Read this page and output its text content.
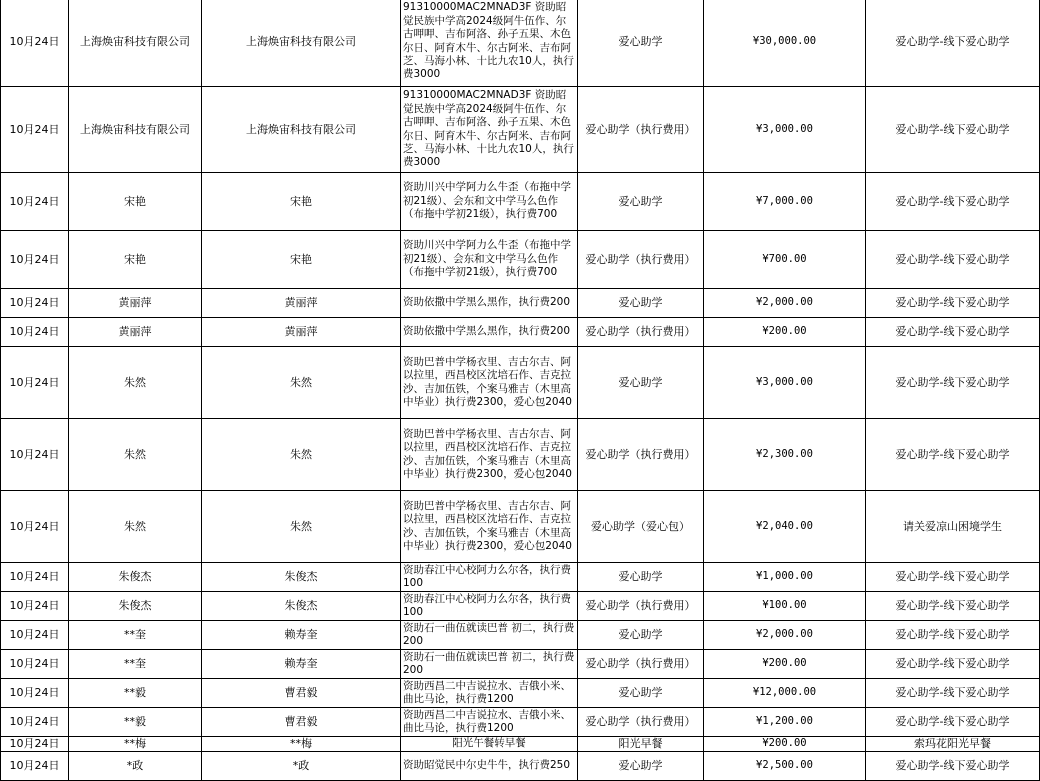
10月24日	上海焕宙科技有限公司	上海焕宙科技有限公司	91310000MAC2MNAD3F 资助昭觉民族中学高2024级阿牛伍作、尔古呷呷、吉布阿洛、孙子五果、木色尔日、阿育木牛、尔古阿米、吉布阿芝、马海小林、十比九农10人，执行费3000	爱心助学	¥30,000.00	爱心助学-线下爱心助学
10月24日	上海焕宙科技有限公司	上海焕宙科技有限公司	91310000MAC2MNAD3F 资助昭觉民族中学高2024级阿牛伍作、尔古呷呷、吉布阿洛、孙子五果、木色尔日、阿育木牛、尔古阿米、吉布阿芝、马海小林、十比九农10人，执行费3000	爱心助学（执行费用）	¥3,000.00	爱心助学-线下爱心助学
10月24日	宋艳	宋艳	资助川兴中学阿力么牛歪（布拖中学初21级）、会东和文中学马么色作（布拖中学初21级），执行费700	爱心助学	¥7,000.00	爱心助学-线下爱心助学
10月24日	宋艳	宋艳	资助川兴中学阿力么牛歪（布拖中学初21级）、会东和文中学马么色作（布拖中学初21级），执行费700	爱心助学（执行费用）	¥700.00	爱心助学-线下爱心助学
10月24日	黄丽萍	黄丽萍	资助依撒中学黑么黑作，执行费200	爱心助学	¥2,000.00	爱心助学-线下爱心助学
10月24日	黄丽萍	黄丽萍	资助依撒中学黑么黑作，执行费200	爱心助学（执行费用）	¥200.00	爱心助学-线下爱心助学
10月24日	朱然	朱然	资助巴普中学杨衣里、吉古尔吉、阿以拉里，西昌校区沈培石作、吉克拉沙、吉加伍铁，个案马雅吉（木里高中毕业）执行费2300，爱心包2040	爱心助学	¥3,000.00	爱心助学-线下爱心助学
10月24日	朱然	朱然	资助巴普中学杨衣里、吉古尔吉、阿以拉里，西昌校区沈培石作、吉克拉沙、吉加伍铁，个案马雅吉（木里高中毕业）执行费2300，爱心包2040	爱心助学（执行费用）	¥2,300.00	爱心助学-线下爱心助学
10月24日	朱然	朱然	资助巴普中学杨衣里、吉古尔吉、阿以拉里，西昌校区沈培石作、吉克拉沙、吉加伍铁，个案马雅吉（木里高中毕业）执行费2300，爱心包2040	爱心助学（爱心包）	¥2,040.00	请关爱凉山困境学生
10月24日	朱俊杰	朱俊杰	资助春江中心校阿力么尔各，执行费100	爱心助学	¥1,000.00	爱心助学-线下爱心助学
10月24日	朱俊杰	朱俊杰	资助春江中心校阿力么尔各，执行费100	爱心助学（执行费用）	¥100.00	爱心助学-线下爱心助学
10月24日	**奎	赖寿奎	资助石一曲伍就读巴普 初二，执行费200	爱心助学	¥2,000.00	爱心助学-线下爱心助学
10月24日	**奎	赖寿奎	资助石一曲伍就读巴普 初二，执行费200	爱心助学（执行费用）	¥200.00	爱心助学-线下爱心助学
10月24日	**毅	曹君毅	资助西昌二中吉说拉水、吉俄小米、曲比马论，执行费1200	爱心助学	¥12,000.00	爱心助学-线下爱心助学
10月24日	**毅	曹君毅	资助西昌二中吉说拉水、吉俄小米、曲比马论，执行费1200	爱心助学（执行费用）	¥1,200.00	爱心助学-线下爱心助学
10月24日	**梅	**梅	阳光午餐转早餐	阳光早餐	¥200.00	索玛花阳光早餐
10月24日	*政	*政	资助昭觉民中尔史牛牛，执行费250	爱心助学	¥2,500.00	爱心助学-线下爱心助学
